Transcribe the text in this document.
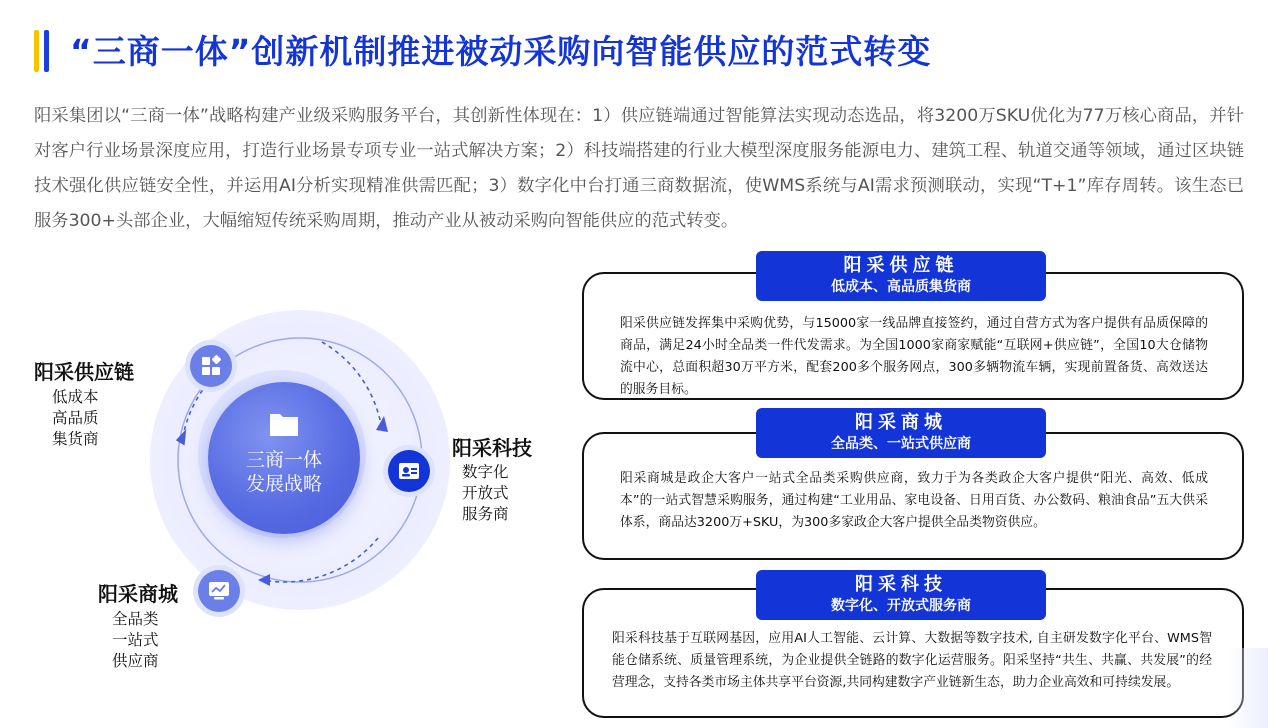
“三商一体”创新机制推进被动采购向智能供应的范式转变

阳采集团以“三商一体”战略构建产业级采购服务平台，其创新性体现在：1）供应链端通过智能算法实现动态选品，将3200万SKU优化为77万核心商品，并针对客户行业场景深度应用，打造行业场景专项专业一站式解决方案；2）科技端搭建的行业大模型深度服务能源电力、建筑工程、轨道交通等领域，通过区块链技术强化供应链安全性，并运用AI分析实现精准供需匹配；3）数字化中台打通三商数据流，使WMS系统与AI需求预测联动，实现“T+1”库存周转。该生态已服务300+头部企业，大幅缩短传统采购周期，推动产业从被动采购向智能供应的范式转变。

三商一体
发展战略
阳采供应链
低成本
高品质
集货商	阳采科技
数字化
开放式
服务商
阳采商城
全品类
一站式
供应商
阳采供应链发挥集中采购优势，与15000家一线品牌直接签约，通过自营方式为客户提供有品质保障的商品，满足24小时全品类一件代发需求。为全国1000家商家赋能“互联网+供应链”，全国10大仓储物流中心，总面积超30万平方米，配套200多个服务网点，300多辆物流车辆，实现前置备货、高效送达的服务目标。
阳采供应链
低成本、高品质集货商
阳采商城是政企大客户一站式全品类采购供应商，致力于为各类政企大客户提供“阳光、高效、低成本”的一站式智慧采购服务，通过构建“工业用品、家电设备、日用百货、办公数码、粮油食品”五大供采体系，商品达3200万+SKU，为300多家政企大客户提供全品类物资供应。
阳采商城
全品类、一站式供应商
阳采科技基于互联网基因，应用AI人工智能、云计算、大数据等数字技术, 自主研发数字化平台、WMS智能仓储系统、质量管理系统，为企业提供全链路的数字化运营服务。阳采坚持“共生、共赢、共发展”的经营理念，支持各类市场主体共享平台资源,共同构建数字产业链新生态，助力企业高效和可持续发展。
阳采科技
数字化、开放式服务商
